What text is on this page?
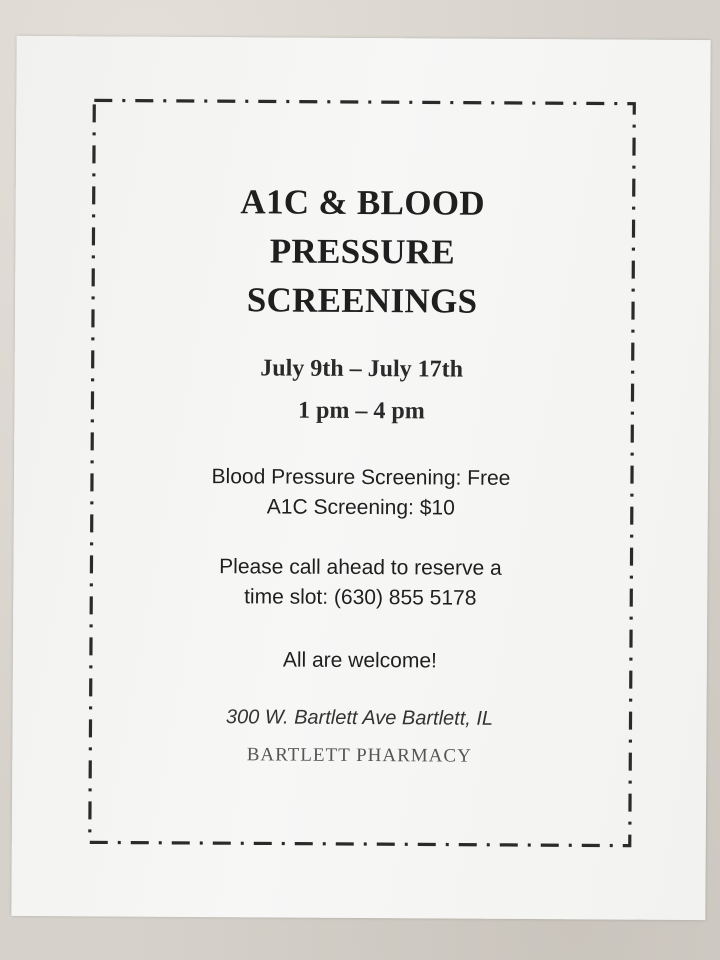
A1C & BLOOD
PRESSURE
SCREENINGS
July 9th – July 17th
1 pm – 4 pm
Blood Pressure Screening: Free
A1C Screening: $10
Please call ahead to reserve a
time slot: (630) 855 5178
All are welcome!
300 W. Bartlett Ave Bartlett, IL
BARTLETT PHARMACY
